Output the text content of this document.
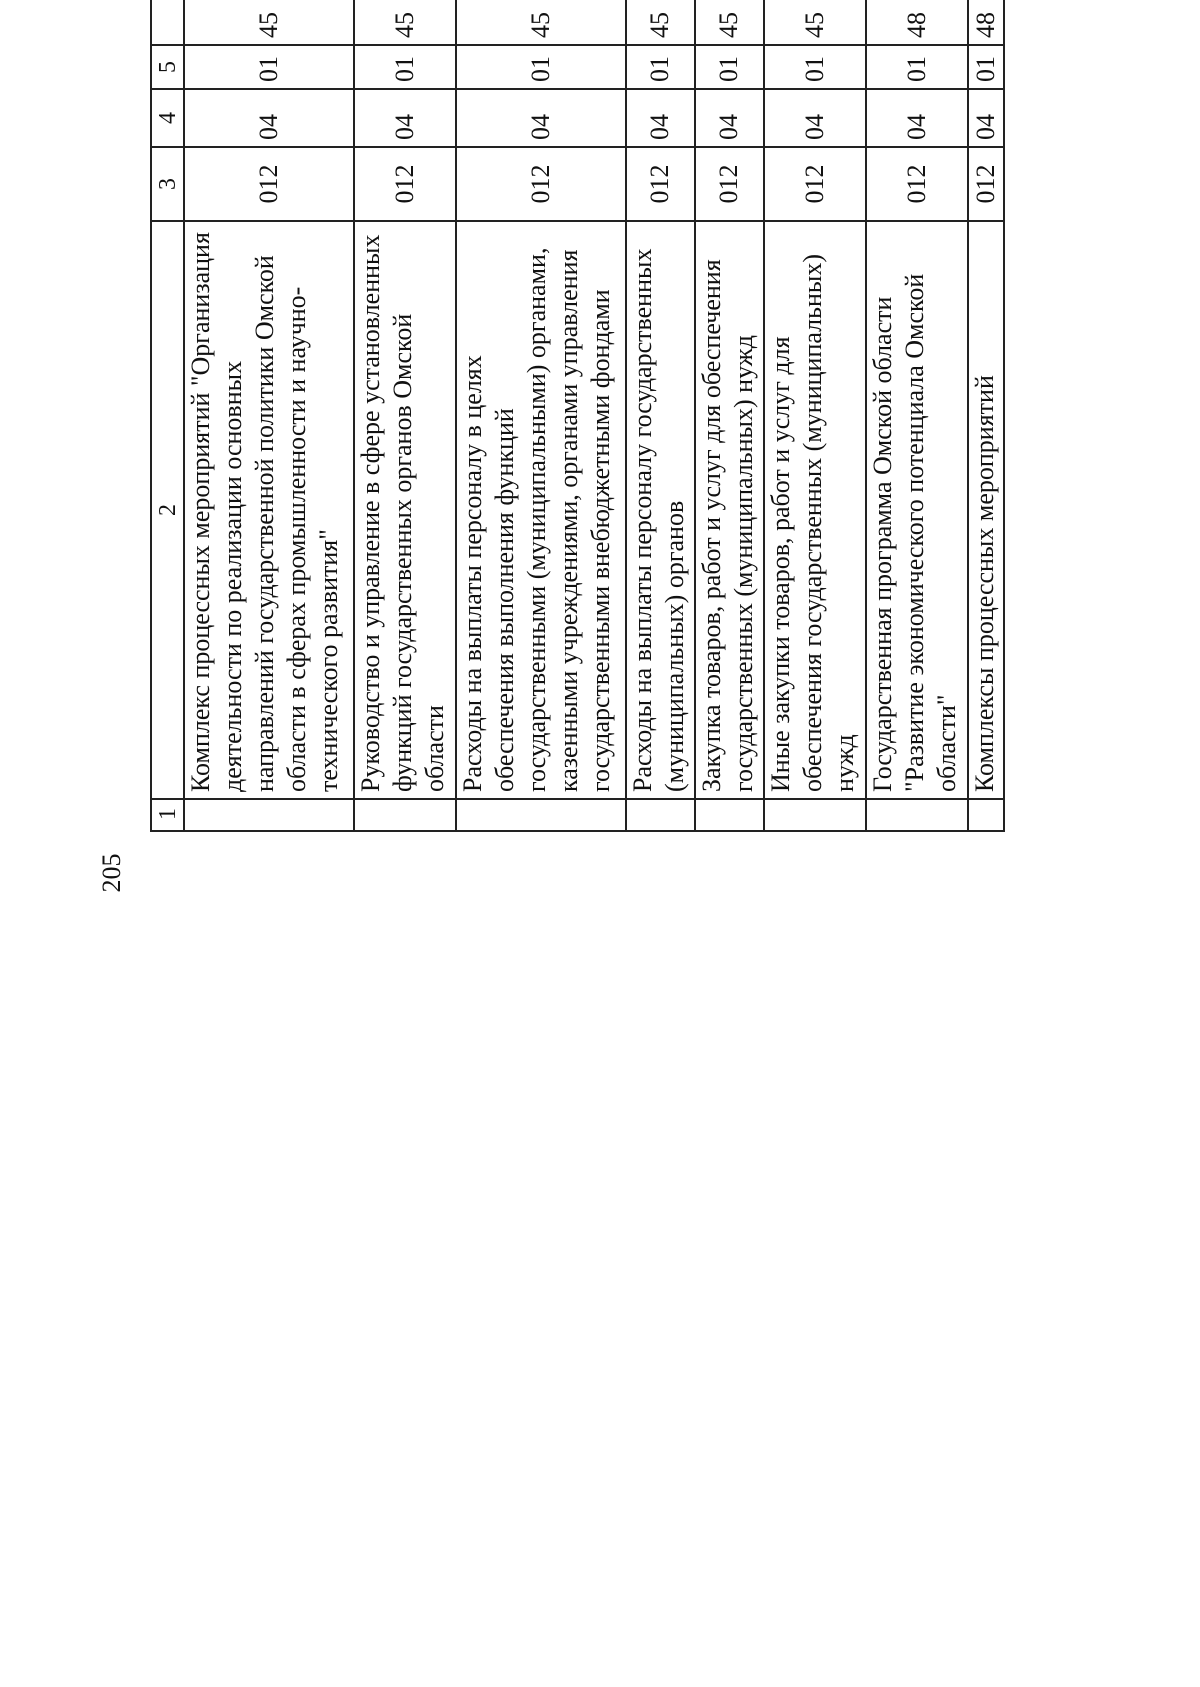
205
1	2	3	4	5			
	Комплекс процессных мероприятий "Организация деятельности по реализации основных направлений государственной политики Омской области в сферах промышленности и научно-технического развития"	012	04	01	45

	Руководство и управление в сфере установленных функций государственных органов Омской области	012	04	01	45

	Расходы на выплаты персоналу в целях обеспечения выполнения функций государственными (муниципальными) органами, казенными учреждениями, органами управления государственными внебюджетными фондами	012	04	01	45

	Расходы на выплаты персоналу государственных (муниципальных) органов	012	04	01	45

	Закупка товаров, работ и услуг для обеспечения государственных (муниципальных) нужд	012	04	01	45

	Иные закупки товаров, работ и услуг для обеспечения государственных (муниципальных) нужд	012	04	01	45

	Государственная программа Омской области "Развитие экономического потенциала Омской области"	012	04	01	48

	Комплексы процессных мероприятий	012	04	01	48
